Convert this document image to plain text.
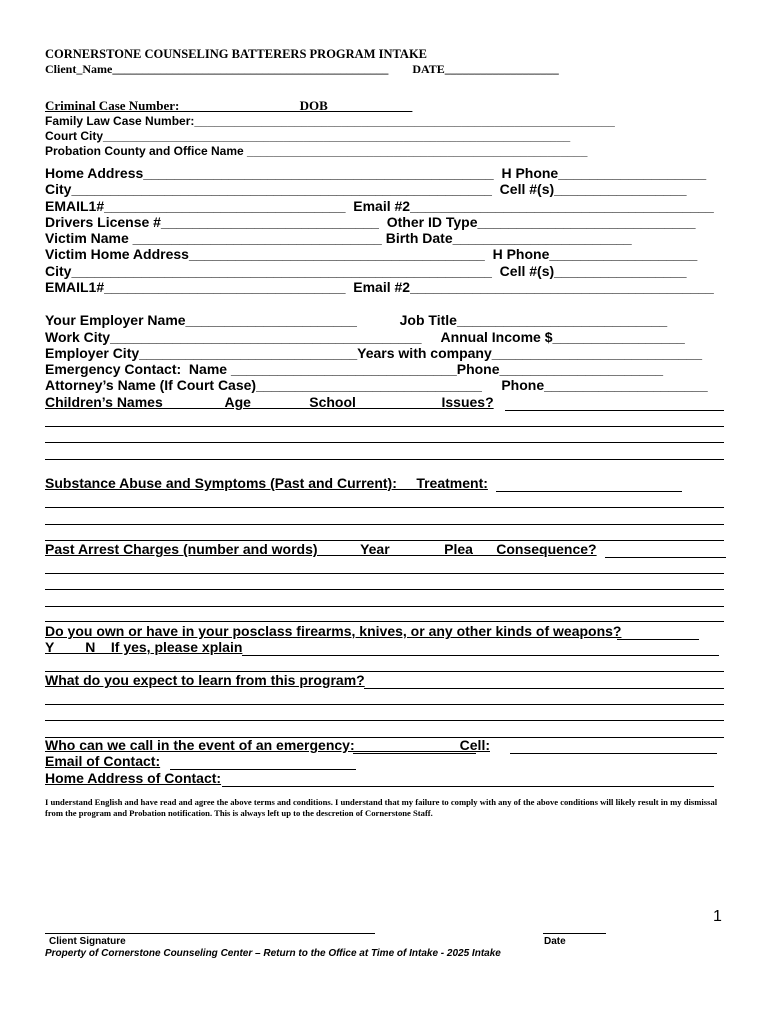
CORNERSTONE COUNSELING BATTERERS PROGRAM INTAKE
Client_Name______________________________________________        DATE___________________
Criminal Case Number: __________________DOB_____________
Family Law Case Number:_______________________________________________________________
Court City______________________________________________________________________
Probation County and Office Name ___________________________________________________
Home Address_____________________________________________  H Phone___________________
City______________________________________________________  Cell #(s)_________________
EMAIL1#_______________________________  Email #2_______________________________________
Drivers License #____________________________  Other ID Type____________________________
Victim Name ________________________________ Birth Date_______________________
Victim Home Address______________________________________  H Phone___________________
City______________________________________________________  Cell #(s)_________________
EMAIL1#_______________________________  Email #2_______________________________________
Your Employer Name______________________           Job Title___________________________
Work City________________________________________     Annual Income $_________________
Employer City____________________________Years with company___________________________
Emergency Contact:  Name _____________________________Phone_____________________
Attorney’s Name (If Court Case)_____________________________     Phone_____________________
Children’s Names                Age               School                      Issues?
Substance Abuse and Symptoms (Past and Current):     Treatment:
Past Arrest Charges (number and words)           Year              Plea      Consequence?
Do you own or have in your posclass firearms, knives, or any other kinds of weapons?
Y        N    If yes, please xplain
What do you expect to learn from this program?
Who can we call in the event of an emergency:                           Cell:
Email of Contact:
Home Address of Contact:
I understand English and have read and agree the above terms and conditions. I understand that my failure to comply with any of the above conditions will likely result in my dismissal from the program and Probation notification. This is always left up to the descretion of Cornerstone Staff.
1
Client Signature	Date
Property of Cornerstone Counseling Center – Return to the Office at Time of Intake - 2025 Intake
